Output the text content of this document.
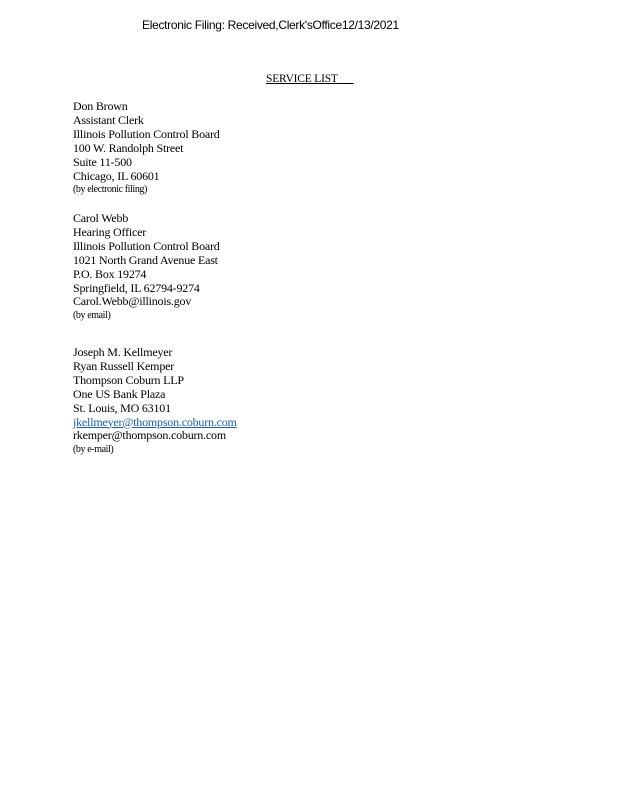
Electronic Filing: Received,Clerk'sOffice12/13/2021
SERVICE LIST
Don Brown
Assistant Clerk
Illinois Pollution Control Board
100 W. Randolph Street
Suite 11-500
Chicago, IL 60601
(by electronic filing)
Carol Webb
Hearing Officer
Illinois Pollution Control Board
1021 North Grand Avenue East
P.O. Box 19274
Springfield, IL 62794-9274
Carol.Webb@illinois.gov
(by email)
Joseph M. Kellmeyer
Ryan Russell Kemper
Thompson Coburn LLP
One US Bank Plaza
St. Louis, MO 63101
jkellmeyer@thompson.coburn.com
rkemper@thompson.coburn.com
(by e-mail)
